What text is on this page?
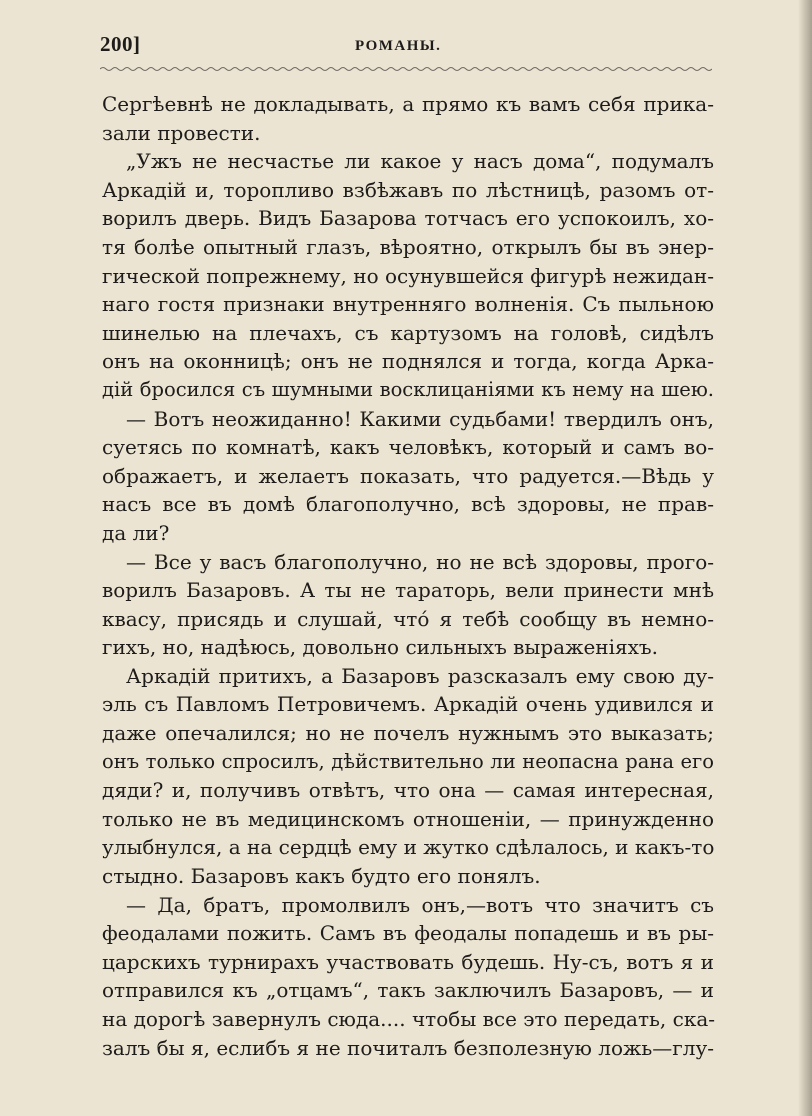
200]	РОМАНЫ.
Сергѣевнѣ не докладывать, а прямо къ вамъ себя прика-
зали провести.
„Ужъ не несчастье ли какое у насъ дома“, подумалъ
Аркадій и, торопливо взбѣжавъ по лѣстницѣ, разомъ от-
ворилъ дверь. Видъ Базарова тотчасъ его успокоилъ, хо-
тя болѣе опытный глазъ, вѣроятно, открылъ бы въ энер-
гической попрежнему, но осунувшейся фигурѣ нежидан-
наго гостя признаки внутренняго волненія. Съ пыльною
шинелью на плечахъ, съ картузомъ на головѣ, сидѣлъ
онъ на оконницѣ; онъ не поднялся и тогда, когда Арка-
дій бросился съ шумными восклицаніями къ нему на шею.
— Вотъ неожиданно! Какими судьбами! твердилъ онъ,
суетясь по комнатѣ, какъ человѣкъ, который и самъ во-
ображаетъ, и желаетъ показать, что радуется.—Вѣдь у
насъ все въ домѣ благополучно, всѣ здоровы, не прав-
да ли?
— Все у васъ благополучно, но не всѣ здоровы, прого-
ворилъ Базаровъ. А ты не тараторь, вели принести мнѣ
квасу, присядь и слушай, что́ я тебѣ сообщу въ немно-
гихъ, но, надѣюсь, довольно сильныхъ выраженіяхъ.
Аркадій притихъ, а Базаровъ разсказалъ ему свою ду-
эль съ Павломъ Петровичемъ. Аркадій очень удивился и
даже опечалился; но не почелъ нужнымъ это выказать;
онъ только спросилъ, дѣйствительно ли неопасна рана его
дяди? и, получивъ отвѣтъ, что она — самая интересная,
только не въ медицинскомъ отношеніи, — принужденно
улыбнулся, а на сердцѣ ему и жутко сдѣлалось, и какъ-то
стыдно. Базаровъ какъ будто его понялъ.
— Да, братъ, промолвилъ онъ,—вотъ что значитъ съ
феодалами пожить. Самъ въ феодалы попадешь и въ ры-
царскихъ турнирахъ участвовать будешь. Ну-съ, вотъ я и
отправился къ „отцамъ“, такъ заключилъ Базаровъ, — и
на дорогѣ завернулъ сюда.... чтобы все это передать, ска-
залъ бы я, еслибъ я не почиталъ безполезную ложь—глу-
